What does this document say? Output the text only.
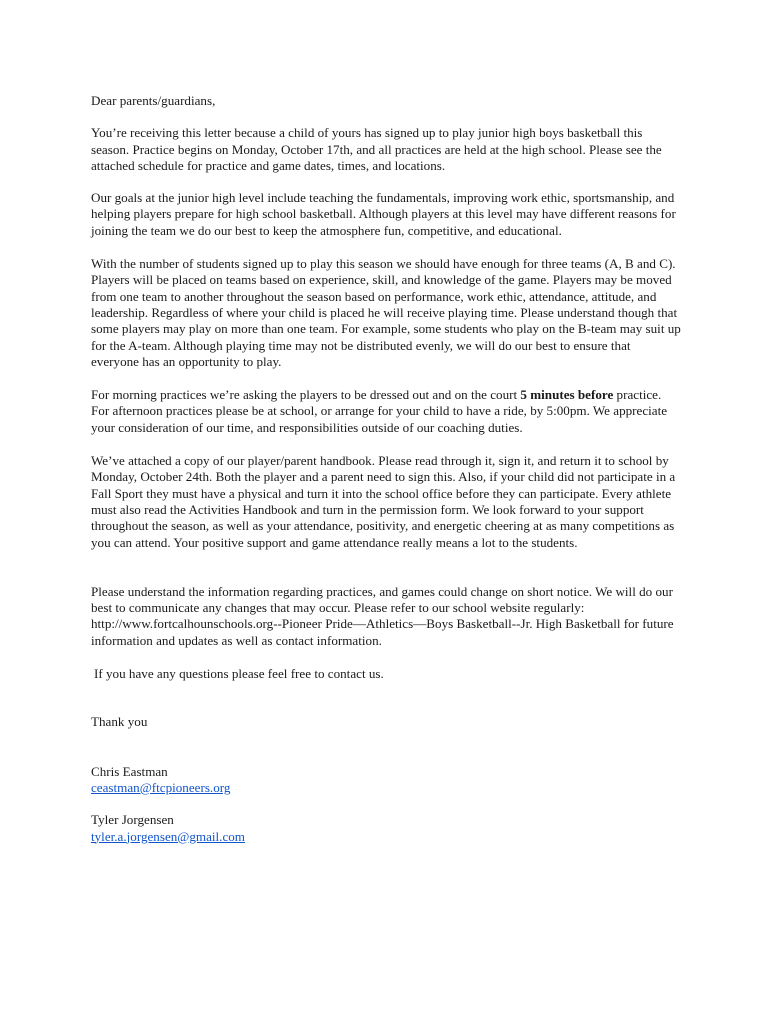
Dear parents/guardians,

You’re receiving this letter because a child of yours has signed up to play junior high boys basketball this season. Practice begins on Monday, October 17th, and all practices are held at the high school. Please see the attached schedule for practice and game dates, times, and locations.

Our goals at the junior high level include teaching the fundamentals, improving work ethic, sportsmanship, and helping players prepare for high school basketball. Although players at this level may have different reasons for joining the team we do our best to keep the atmosphere fun, competitive, and educational.

With the number of students signed up to play this season we should have enough for three teams (A, B and C). Players will be placed on teams based on experience, skill, and knowledge of the game. Players may be moved from one team to another throughout the season based on performance, work ethic, attendance, attitude, and leadership. Regardless of where your child is placed he will receive playing time. Please understand though that some players may play on more than one team. For example, some students who play on the B-team may suit up for the A-team. Although playing time may not be distributed evenly, we will do our best to ensure that everyone has an opportunity to play.

For morning practices we’re asking the players to be dressed out and on the court 5 minutes before practice. For afternoon practices please be at school, or arrange for your child to have a ride, by 5:00pm. We appreciate your consideration of our time, and responsibilities outside of our coaching duties.

We’ve attached a copy of our player/parent handbook. Please read through it, sign it, and return it to school by Monday, October 24th. Both the player and a parent need to sign this. Also, if your child did not participate in a Fall Sport they must have a physical and turn it into the school office before they can participate. Every athlete must also read the Activities Handbook and turn in the permission form. We look forward to your support throughout the season, as well as your attendance, positivity, and energetic cheering at as many competitions as you can attend. Your positive support and game attendance really means a lot to the students.

Please understand the information regarding practices, and games could change on short notice. We will do our best to communicate any changes that may occur. Please refer to our school website regularly: http://www.fortcalhounschools.org--Pioneer Pride—Athletics—Boys Basketball--Jr. High Basketball for future information and updates as well as contact information.

If you have any questions please feel free to contact us.

Thank you

Chris Eastman
ceastman@ftcpioneers.org
Tyler Jorgensen
tyler.a.jorgensen@gmail.com
